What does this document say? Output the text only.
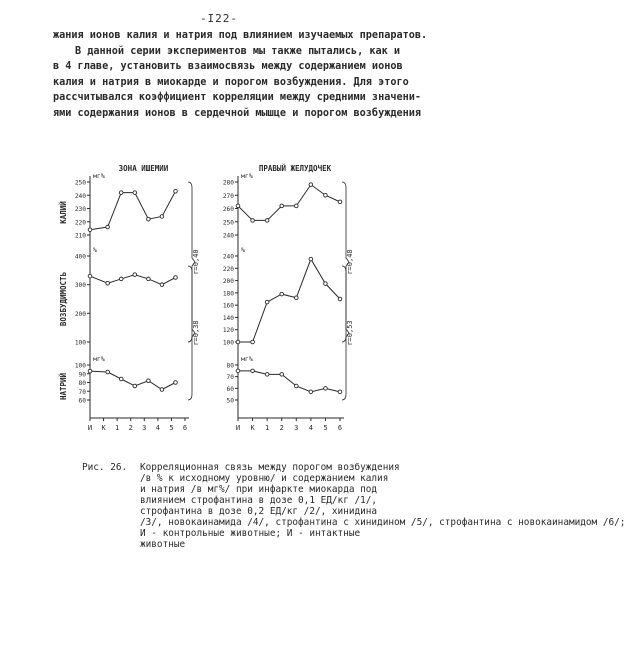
-I22-
жания ионов калия и натрия под влиянием изучаемых препаратов.
В данной серии экспериментов мы также пытались, как и
в 4 главе, установить взаимосвязь между содержанием ионов
калия и натрия в миокарде и порогом возбуждения. Для этого
рассчитывался коэффициент корреляции между средними значени-
ями содержания ионов в сердечной мышце и порогом возбуждения
ЗОНА ИШЕМИИ
И К 1 2 3 4 5 6
r=0,40
r=0,38
ПРАВЫЙ ЖЕЛУДОЧЕК
И К 1 2 3 4 5 6
r=0,48
r=0,53
КАЛИЙ
ВОЗБУДИМОСТЬ
НАТРИЙ
мг%
210
220
230
240
250
%
100
200
300
400
мг%
60
70
80
90
100
мг%
240
250
260
270
280
%
100
120
140
160
180
200
220
240
мг%
50
60
70
80
Рис. 26. Корреляционная связь между порогом возбуждения
/в % к исходному уровню/ и содержанием калия
и натрия /в мг%/ при инфаркте миокарда под
влиянием строфантина в дозе 0,1 ЕД/кг /1/,
строфантина в дозе 0,2 ЕД/кг /2/, хинидина
/3/, новокаинамида /4/, строфантина с хинидином /5/, строфантина с новокаинамидом /6/;
И - контрольные животные; И - интактные
животные
